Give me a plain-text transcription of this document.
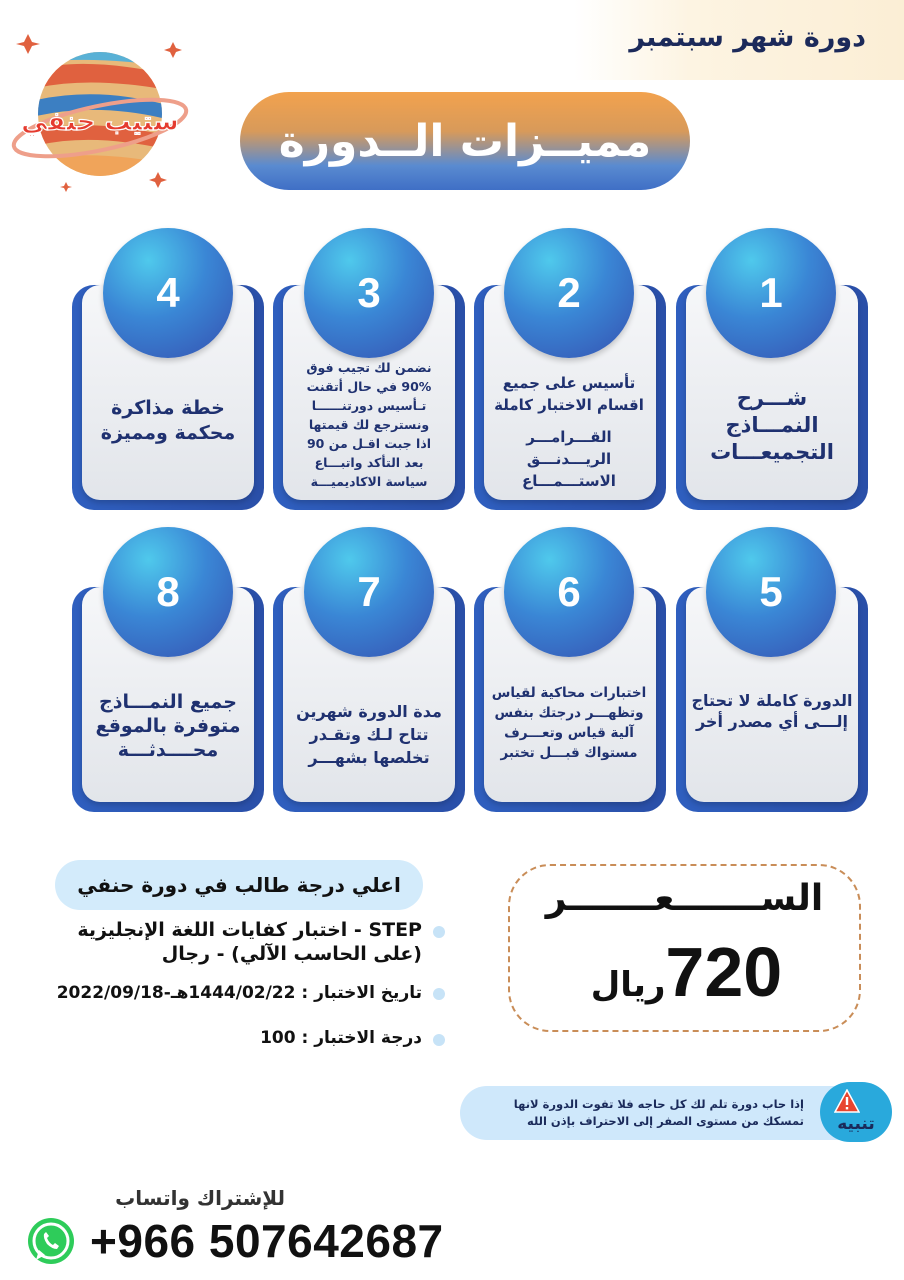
دورة شهر سبتمبر
ستيب حنفي مميــزات الــدورة
1
شـــرح النمـــاذج التجميعـــات
2
تأسيس على جميع
اقسام الاختبار كاملة
القـــرامـــر
الريـــدنـــق
الاستـــمـــاع
3
نضمن لك تجيب فوق
90% في حال أتقنت
تـأسيس دورتنــــــا
ونسترجع لك قيمتها
اذا جبت اقـل من 90
بعد التأكد واتبـــاع
سياسة الاكاديميـــة
4
خطة مذاكرة محكمة ومميزة
5
الدورة كاملة لا تحتاج إلـــى أي مصدر أخر
6
اختبارات محاكية لقياس
وتظهـــر درجتك بنفس
آلية قياس وتعـــرف
مستواك قبـــل تختبر
7
مدة الدورة شهرين تتاح لـك وتقـدر تخلصها بشهـــر
8
جميع النمـــاذج متوفرة بالموقع محــــدثـــة
اعلي درجة طالب في دورة حنفي
STEP - اختبار كفايات اللغة الإنجليزية
(على الحاسب الآلي) - رجال
تاريخ الاختبار : 1444/02/22هـ-2022/09/18
درجة الاختبار : 100
الســـــــعـــــــر
ريال 720
تنبيه
إذا حاب دورة تلم لك كل حاجه فلا تفوت الدورة لانها
تمسكك من مستوى الصفر إلى الاحتراف بإذن الله
للإشتراك واتساب
+966 507642687
